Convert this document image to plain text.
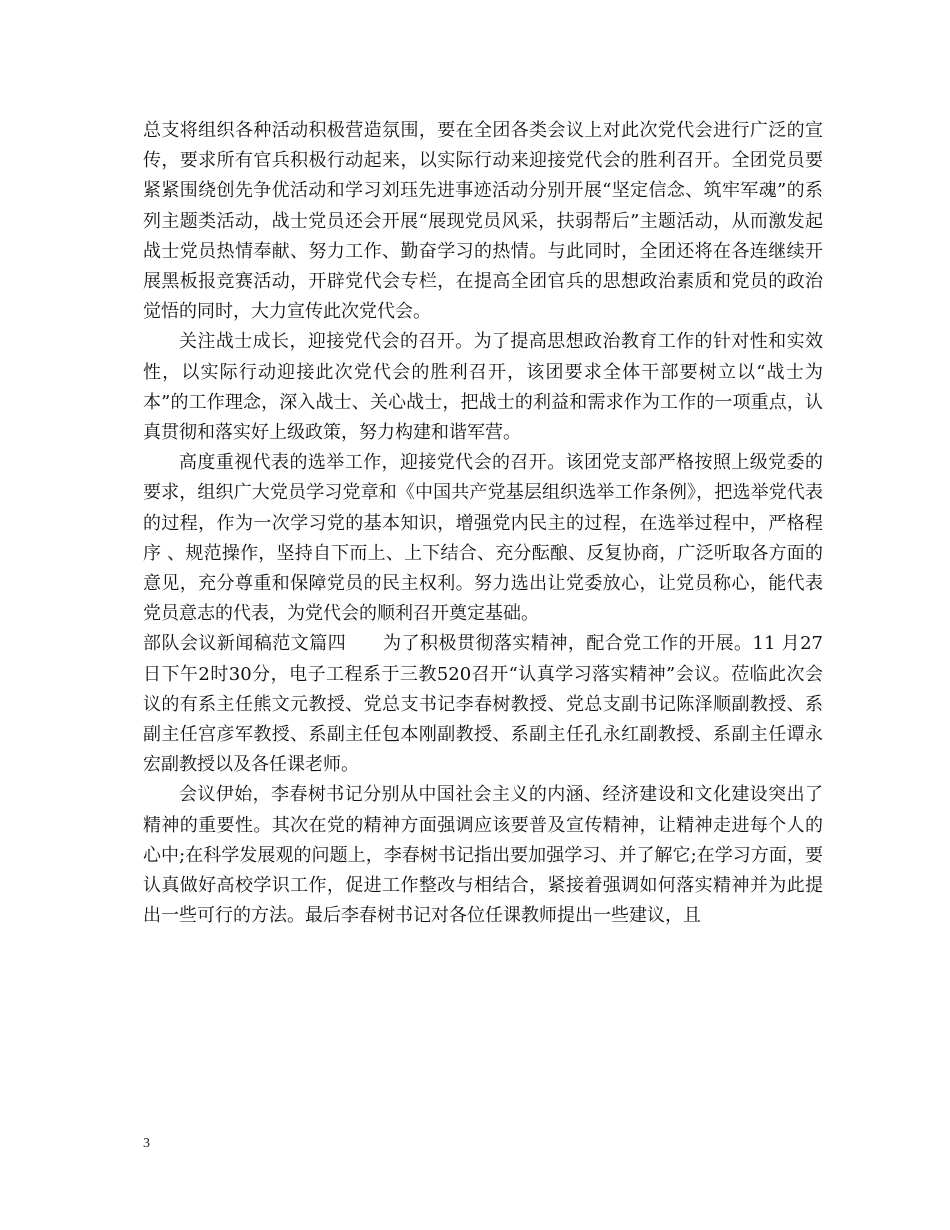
总支将组织各种活动积极营造氛围，要在全团各类会议上对此次党代会进行广泛的宣传，要求所有官兵积极行动起来，以实际行动来迎接党代会的胜利召开。全团党员要紧紧围绕创先争优活动和学习刘珏先进事迹活动分别开展“坚定信念、筑牢军魂”的系列主题类活动，战士党员还会开展“展现党员风采，扶弱帮后”主题活动，从而激发起战士党员热情奉献、努力工作、勤奋学习的热情。与此同时，全团还将在各连继续开展黑板报竞赛活动，开辟党代会专栏，在提高全团官兵的思想政治素质和党员的政治觉悟的同时，大力宣传此次党代会。

关注战士成长，迎接党代会的召开。为了提高思想政治教育工作的针对性和实效性，以实际行动迎接此次党代会的胜利召开，该团要求全体干部要树立以“战士为本”的工作理念，深入战士、关心战士，把战士的利益和需求作为工作的一项重点，认真贯彻和落实好上级政策，努力构建和谐军营。

高度重视代表的选举工作，迎接党代会的召开。该团党支部严格按照上级党委的要求，组织广大党员学习党章和《中国共产党基层组织选举工作条例》，把选举党代表的过程，作为一次学习党的基本知识，增强党内民主的过程，在选举过程中，严格程序 、规范操作，坚持自下而上、上下结合、充分酝酿、反复协商，广泛听取各方面的意见，充分尊重和保障党员的民主权利。努力选出让党委放心，让党员称心，能代表党员意志的代表，为党代会的顺利召开奠定基础。

部队会议新闻稿范文篇四　　为了积极贯彻落实精神，配合党工作的开展。11 月27日下午2时30分，电子工程系于三教520召开“认真学习落实精神”会议。莅临此次会议的有系主任熊文元教授、党总支书记李春树教授、党总支副书记陈泽顺副教授、系副主任宫彦军教授、系副主任包本刚副教授、系副主任孔永红副教授、系副主任谭永宏副教授以及各任课老师。

会议伊始，李春树书记分别从中国社会主义的内涵、经济建设和文化建设突出了精神的重要性。其次在党的精神方面强调应该要普及宣传精神，让精神走进每个人的心中;在科学发展观的问题上，李春树书记指出要加强学习、并了解它;在学习方面，要认真做好高校学识工作，促进工作整改与相结合，紧接着强调如何落实精神并为此提出一些可行的方法。最后李春树书记对各位任课教师提出一些建议，且

3
